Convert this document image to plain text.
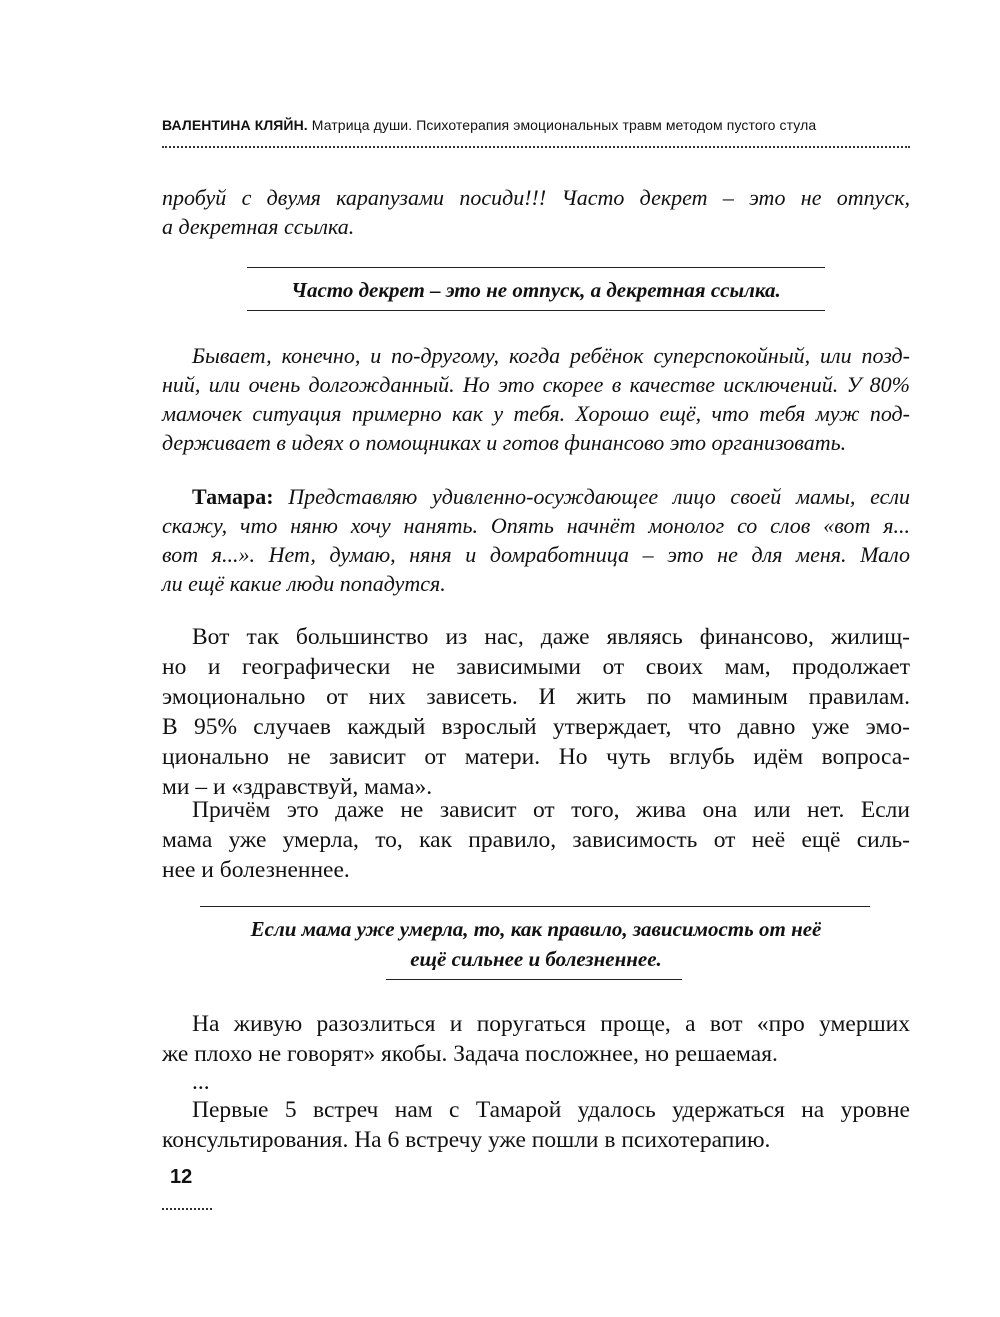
ВАЛЕНТИНА КЛЯЙН. Матрица души. Психотерапия эмоциональных травм методом пустого стула
пробуй с двумя карапузами посиди!!! Часто декрет – это не отпуск,
а декретная ссылка.
Часто декрет – это не отпуск, а декретная ссылка.
Бывает, конечно, и по-другому, когда ребёнок суперспокойный, или позд-
ний, или очень долгожданный. Но это скорее в качестве исключений. У 80%
мамочек ситуация примерно как у тебя. Хорошо ещё, что тебя муж под-
держивает в идеях о помощниках и готов финансово это организовать.
Тамара: Представляю удивленно-осуждающее лицо своей мамы, если
скажу, что няню хочу нанять. Опять начнёт монолог со слов «вот я...
вот я...». Нет, думаю, няня и домработница – это не для меня. Мало
ли ещё какие люди попадутся.
Вот так большинство из нас, даже являясь финансово, жилищ-
но и географически не зависимыми от своих мам, продолжает
эмоционально от них зависеть. И жить по маминым правилам.
В 95% случаев каждый взрослый утверждает, что давно уже эмо-
ционально не зависит от матери. Но чуть вглубь идём вопроса-
ми – и «здравствуй, мама».
Причём это даже не зависит от того, жива она или нет. Если
мама уже умерла, то, как правило, зависимость от неё ещё силь-
нее и болезненнее.
Если мама уже умерла, то, как правило, зависимость от неё
ещё сильнее и болезненнее.
На живую разозлиться и поругаться проще, а вот «про умерших
же плохо не говорят» якобы. Задача посложнее, но решаемая.
...
Первые 5 встреч нам с Тамарой удалось удержаться на уровне
консультирования. На 6 встречу уже пошли в психотерапию.
12
